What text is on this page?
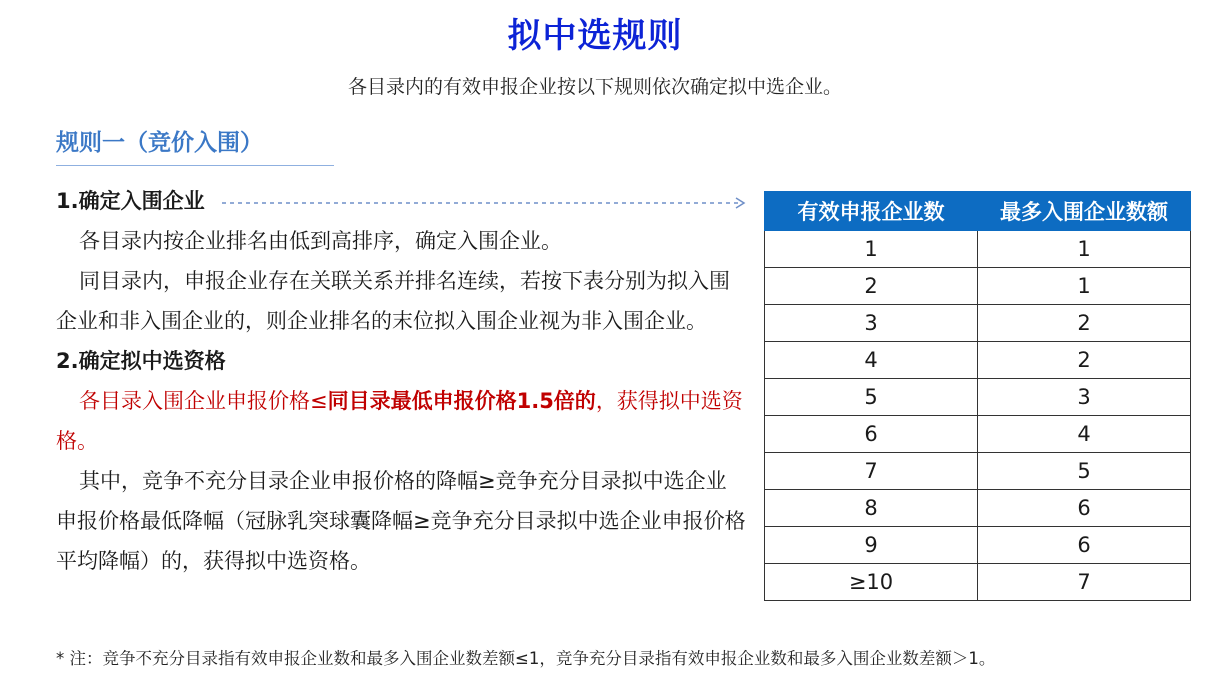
拟中选规则
各目录内的有效申报企业按以下规则依次确定拟中选企业。
规则一（竞价入围）
1.确定入围企业
各目录内按企业排名由低到高排序，确定入围企业。
同目录内，申报企业存在关联关系并排名连续，若按下表分别为拟入围企业和非入围企业的，则企业排名的末位拟入围企业视为非入围企业。
2.确定拟中选资格
各目录入围企业申报价格≤同目录最低申报价格1.5倍的，获得拟中选资格。
其中，竞争不充分目录企业申报价格的降幅≥竞争充分目录拟中选企业申报价格最低降幅（冠脉乳突球囊降幅≥竞争充分目录拟中选企业申报价格平均降幅）的，获得拟中选资格。
有效申报企业数	最多入围企业数额
1	1
2	1
3	2
4	2
5	3
6	4
7	5
8	6
9	6
≥10	7
* 注：竞争不充分目录指有效申报企业数和最多入围企业数差额≤1，竞争充分目录指有效申报企业数和最多入围企业数差额＞1。
